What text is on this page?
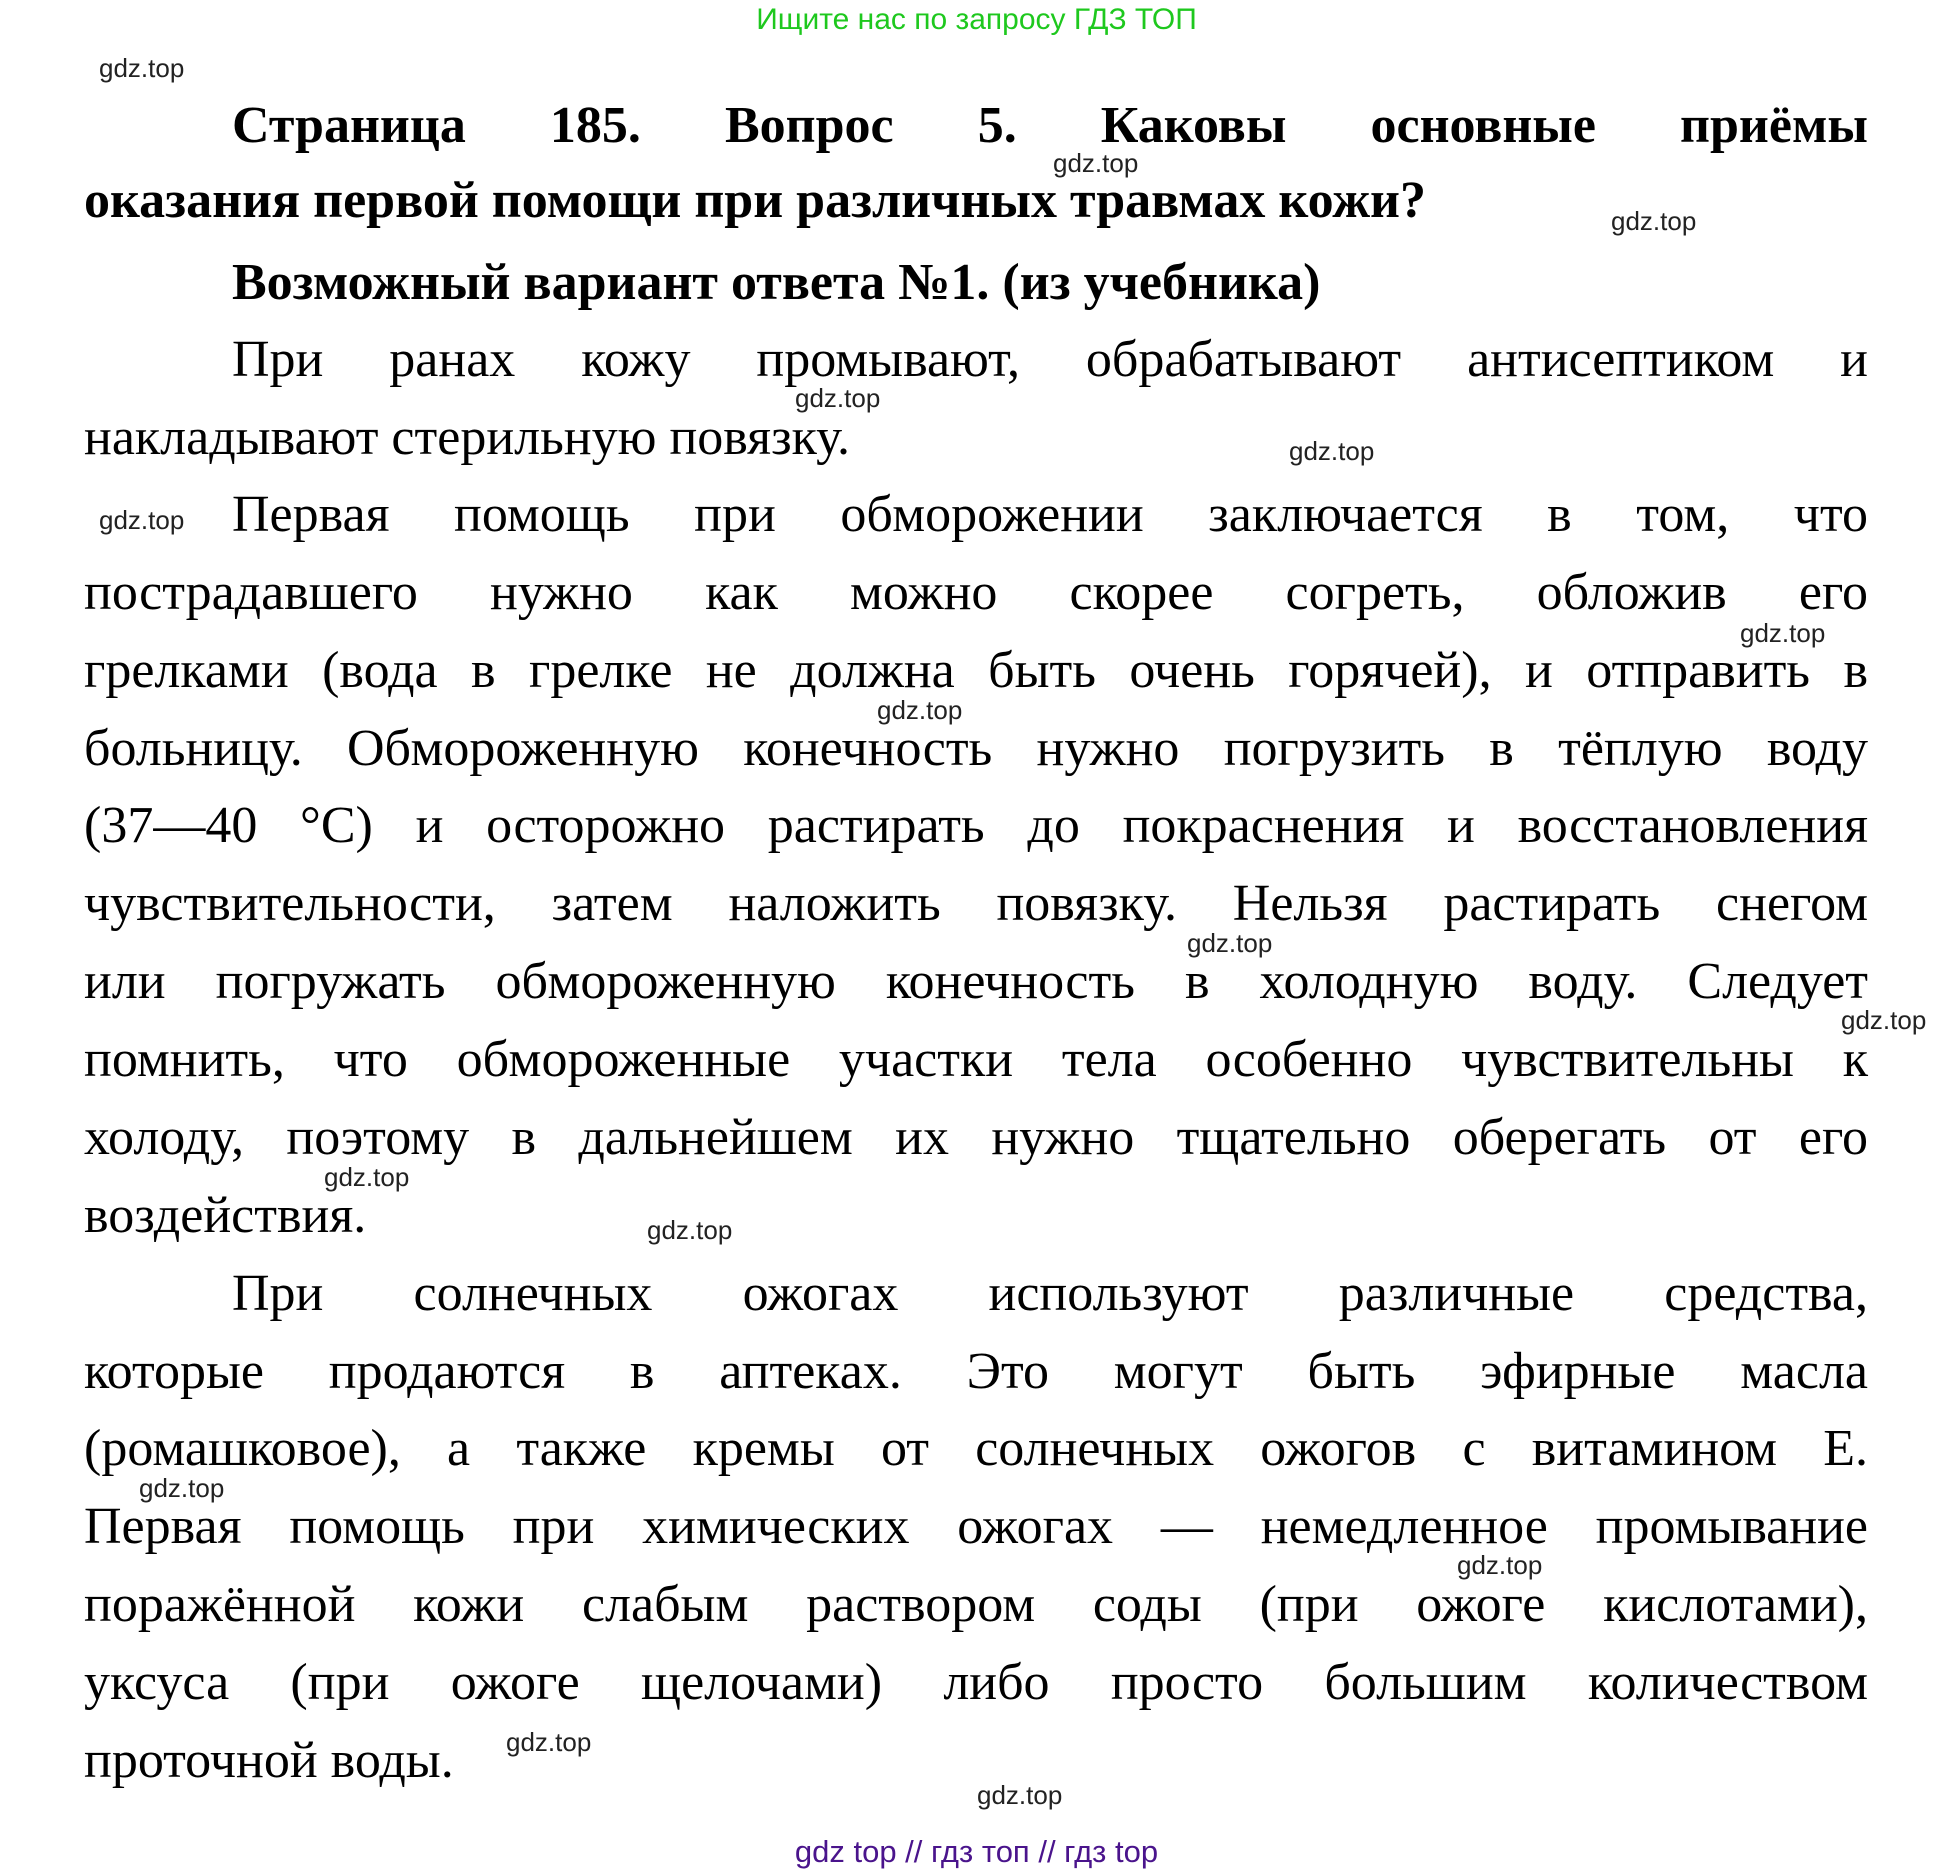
Ищите нас по запросу ГДЗ ТОП
Страница 185. Вопрос 5. Каковы основные приёмы
оказания первой помощи при различных травмах кожи?
Возможный вариант ответа №1. (из учебника)
При ранах кожу промывают, обрабатывают антисептиком и
накладывают стерильную повязку.
Первая помощь при обморожении заключается в том, что
пострадавшего нужно как можно скорее согреть, обложив его
грелками (вода в грелке не должна быть очень горячей), и отправить в
больницу. Обмороженную конечность нужно погрузить в тёплую воду
(37—40 °С) и осторожно растирать до покраснения и восстановления
чувствительности, затем наложить повязку. Нельзя растирать снегом
или погружать обмороженную конечность в холодную воду. Следует
помнить, что обмороженные участки тела особенно чувствительны к
холоду, поэтому в дальнейшем их нужно тщательно оберегать от его
воздействия.
При солнечных ожогах используют различные средства,
которые продаются в аптеках. Это могут быть эфирные масла
(ромашковое), а также кремы от солнечных ожогов с витамином Е.
Первая помощь при химических ожогах — немедленное промывание
поражённой кожи слабым раствором соды (при ожоге кислотами),
уксуса (при ожоге щелочами) либо просто большим количеством
проточной воды.
gdz.top
gdz.top
gdz.top
gdz.top
gdz.top
gdz.top
gdz.top
gdz.top
gdz.top
gdz.top
gdz.top
gdz.top
gdz.top
gdz.top
gdz.top
gdz.top
gdz top // гдз топ // гдз top
